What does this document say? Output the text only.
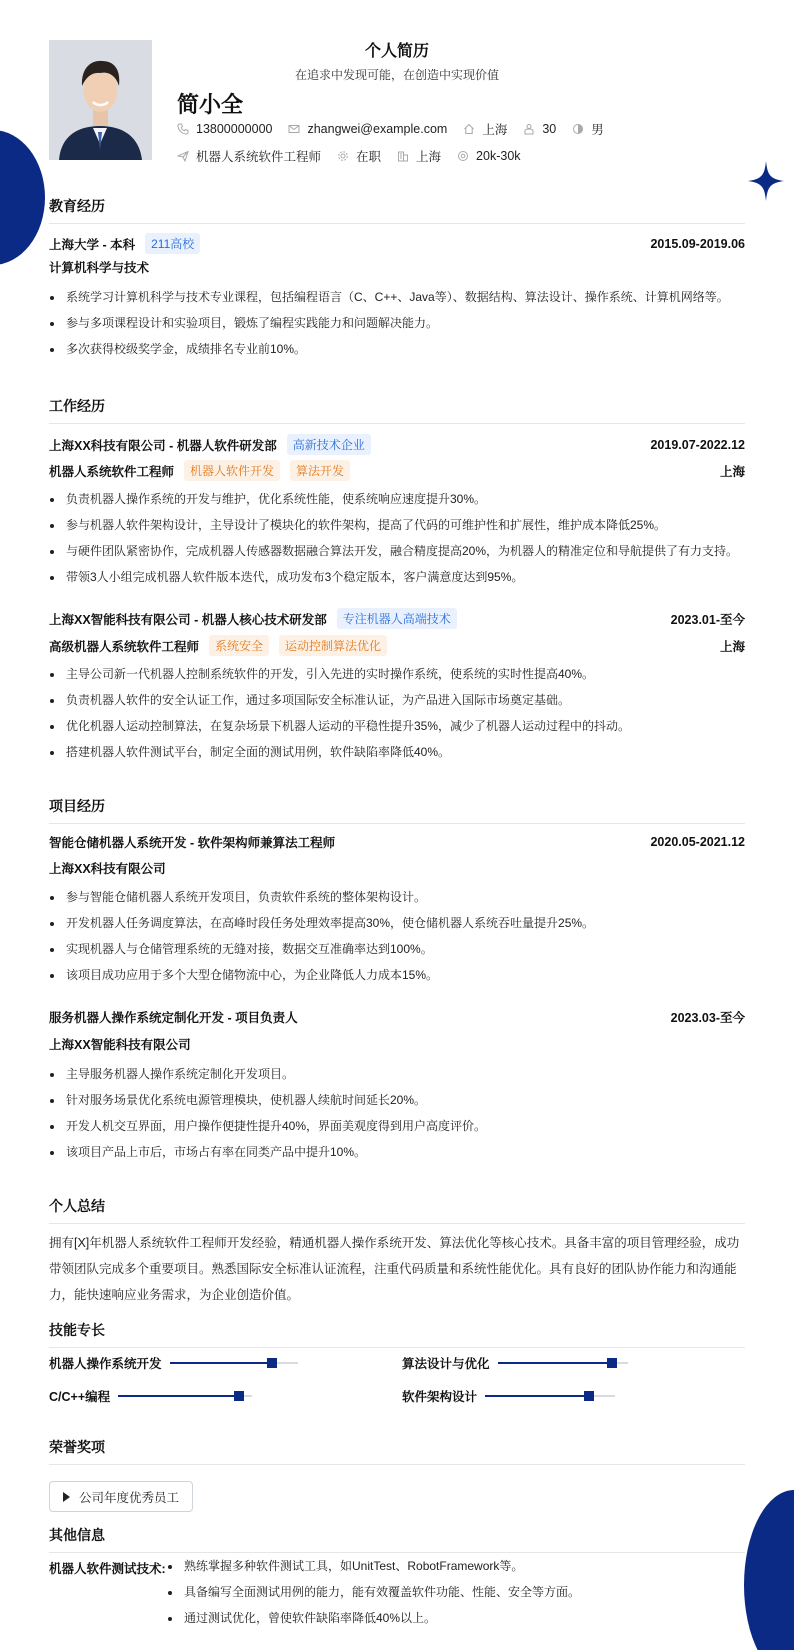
个人简历
在追求中发现可能，在创造中实现价值
简小全
13800000000	zhangwei@example.com	上海	30	男
机器人系统软件工程师	在职	上海	20k-30k
教育经历
上海大学 - 本科	211高校	2015.09-2019.06
计算机科学与技术
系统学习计算机科学与技术专业课程，包括编程语言（C、C++、Java等）、数据结构、算法设计、操作系统、计算机网络等。
参与多项课程设计和实验项目，锻炼了编程实践能力和问题解决能力。
多次获得校级奖学金，成绩排名专业前10%。
工作经历
上海XX科技有限公司 - 机器人软件研发部	高新技术企业	2019.07-2022.12
机器人系统软件工程师	机器人软件开发	算法开发	上海
负责机器人操作系统的开发与维护，优化系统性能，使系统响应速度提升30%。
参与机器人软件架构设计，主导设计了模块化的软件架构，提高了代码的可维护性和扩展性，维护成本降低25%。
与硬件团队紧密协作，完成机器人传感器数据融合算法开发，融合精度提高20%，为机器人的精准定位和导航提供了有力支持。
带领3人小组完成机器人软件版本迭代，成功发布3个稳定版本，客户满意度达到95%。
上海XX智能科技有限公司 - 机器人核心技术研发部	专注机器人高端技术	2023.01-至今
高级机器人系统软件工程师	系统安全	运动控制算法优化	上海
主导公司新一代机器人控制系统软件的开发，引入先进的实时操作系统，使系统的实时性提高40%。
负责机器人软件的安全认证工作，通过多项国际安全标准认证，为产品进入国际市场奠定基础。
优化机器人运动控制算法，在复杂场景下机器人运动的平稳性提升35%，减少了机器人运动过程中的抖动。
搭建机器人软件测试平台，制定全面的测试用例，软件缺陷率降低40%。
项目经历
智能仓储机器人系统开发 - 软件架构师兼算法工程师	2020.05-2021.12
上海XX科技有限公司
参与智能仓储机器人系统开发项目，负责软件系统的整体架构设计。
开发机器人任务调度算法，在高峰时段任务处理效率提高30%，使仓储机器人系统吞吐量提升25%。
实现机器人与仓储管理系统的无缝对接，数据交互准确率达到100%。
该项目成功应用于多个大型仓储物流中心，为企业降低人力成本15%。
服务机器人操作系统定制化开发 - 项目负责人	2023.03-至今
上海XX智能科技有限公司
主导服务机器人操作系统定制化开发项目。
针对服务场景优化系统电源管理模块，使机器人续航时间延长20%。
开发人机交互界面，用户操作便捷性提升40%，界面美观度得到用户高度评价。
该项目产品上市后，市场占有率在同类产品中提升10%。
个人总结
拥有[X]年机器人系统软件工程师开发经验，精通机器人操作系统开发、算法优化等核心技术。具备丰富的项目管理经验，成功带领团队完成多个重要项目。熟悉国际安全标准认证流程，注重代码质量和系统性能优化。具有良好的团队协作能力和沟通能力，能快速响应业务需求，为企业创造价值。
技能专长
机器人操作系统开发	算法设计与优化
C/C++编程	软件架构设计
荣誉奖项
公司年度优秀员工
其他信息
机器人软件测试技术:	熟练掌握多种软件测试工具，如UnitTest、RobotFramework等。
具备编写全面测试用例的能力，能有效覆盖软件功能、性能、安全等方面。
通过测试优化，曾使软件缺陷率降低40%以上。
